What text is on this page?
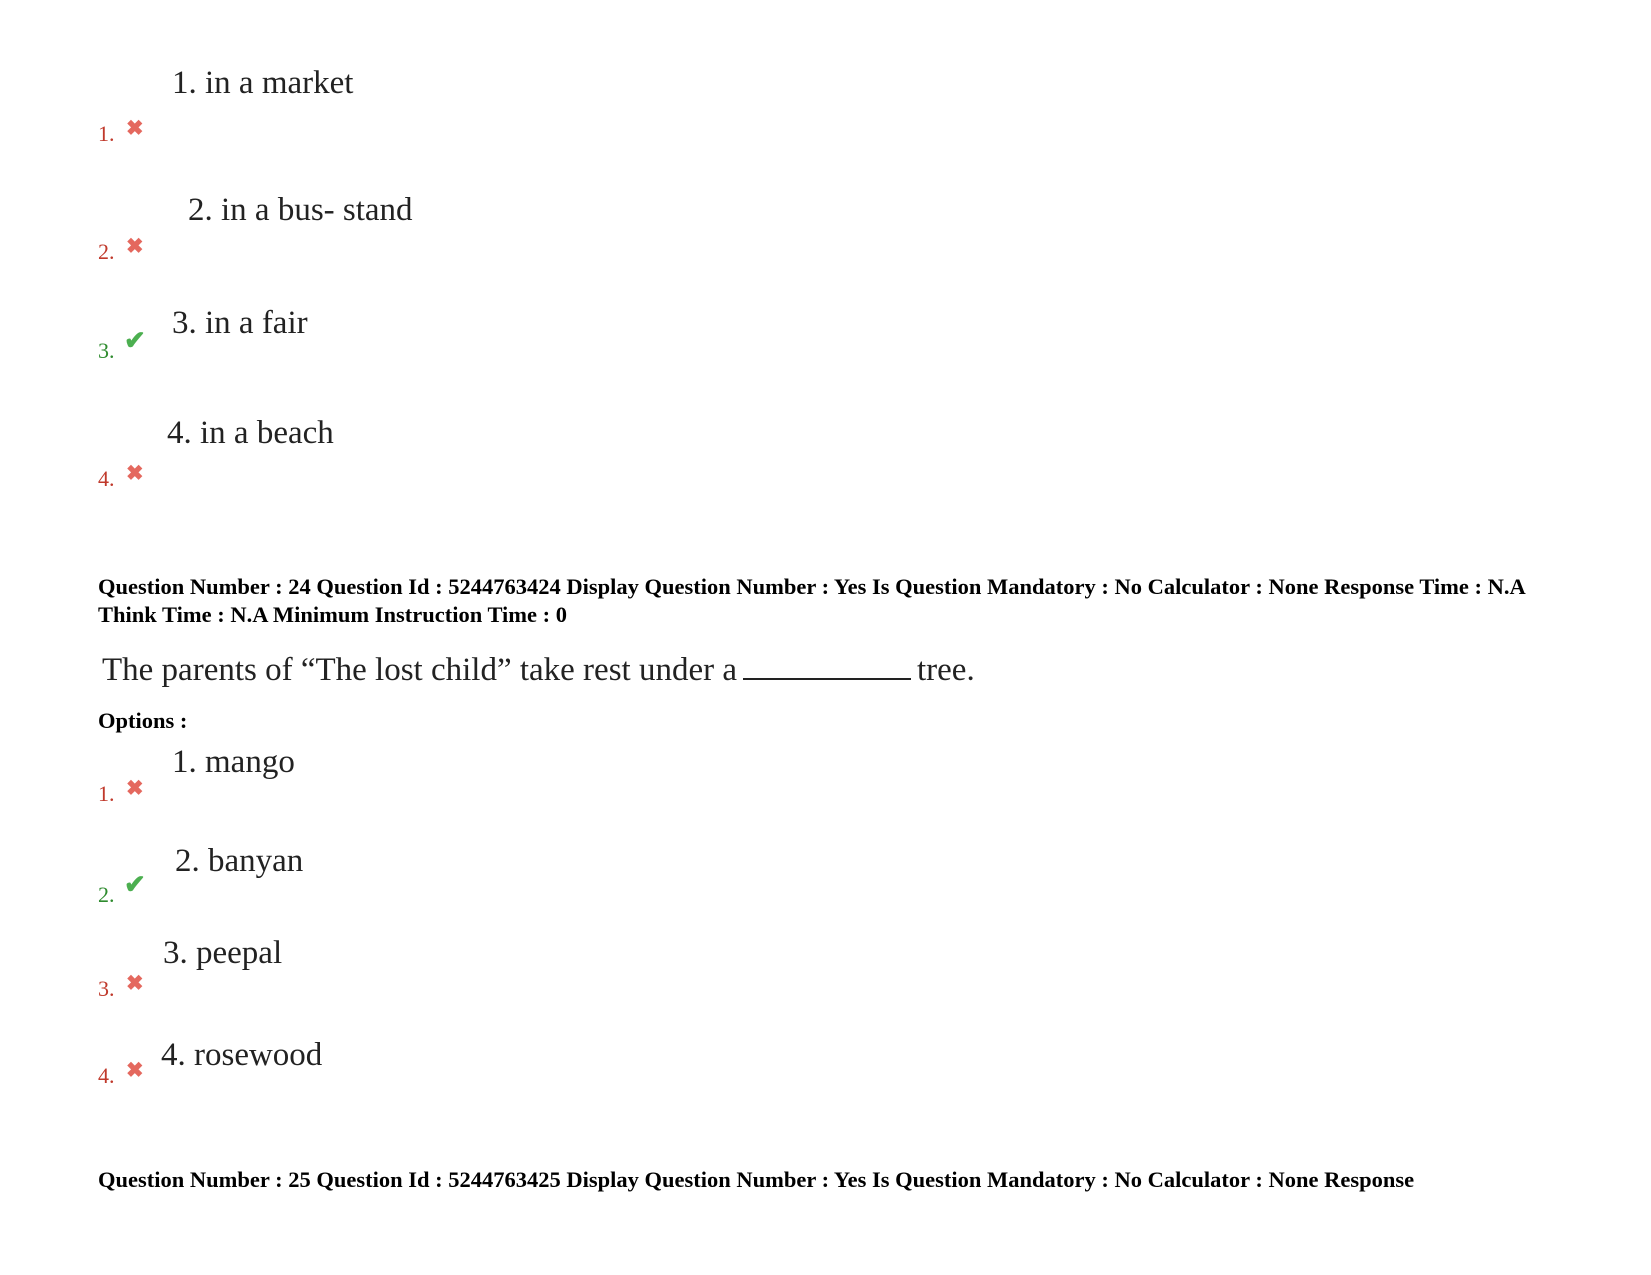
1. in a market
1. ✖
2. in a bus- stand
2. ✖
3. in a fair
3. ✔
4. in a beach
4. ✖
Question Number : 24 Question Id : 5244763424 Display Question Number : Yes Is Question Mandatory : No Calculator : None Response Time : N.A Think Time : N.A Minimum Instruction Time : 0
The parents of “The lost child” take rest under a	tree.
Options :
1. mango
1. ✖
2. banyan
2. ✔
3. peepal
3. ✖
4. rosewood
4. ✖
Question Number : 25 Question Id : 5244763425 Display Question Number : Yes Is Question Mandatory : No Calculator : None Response
